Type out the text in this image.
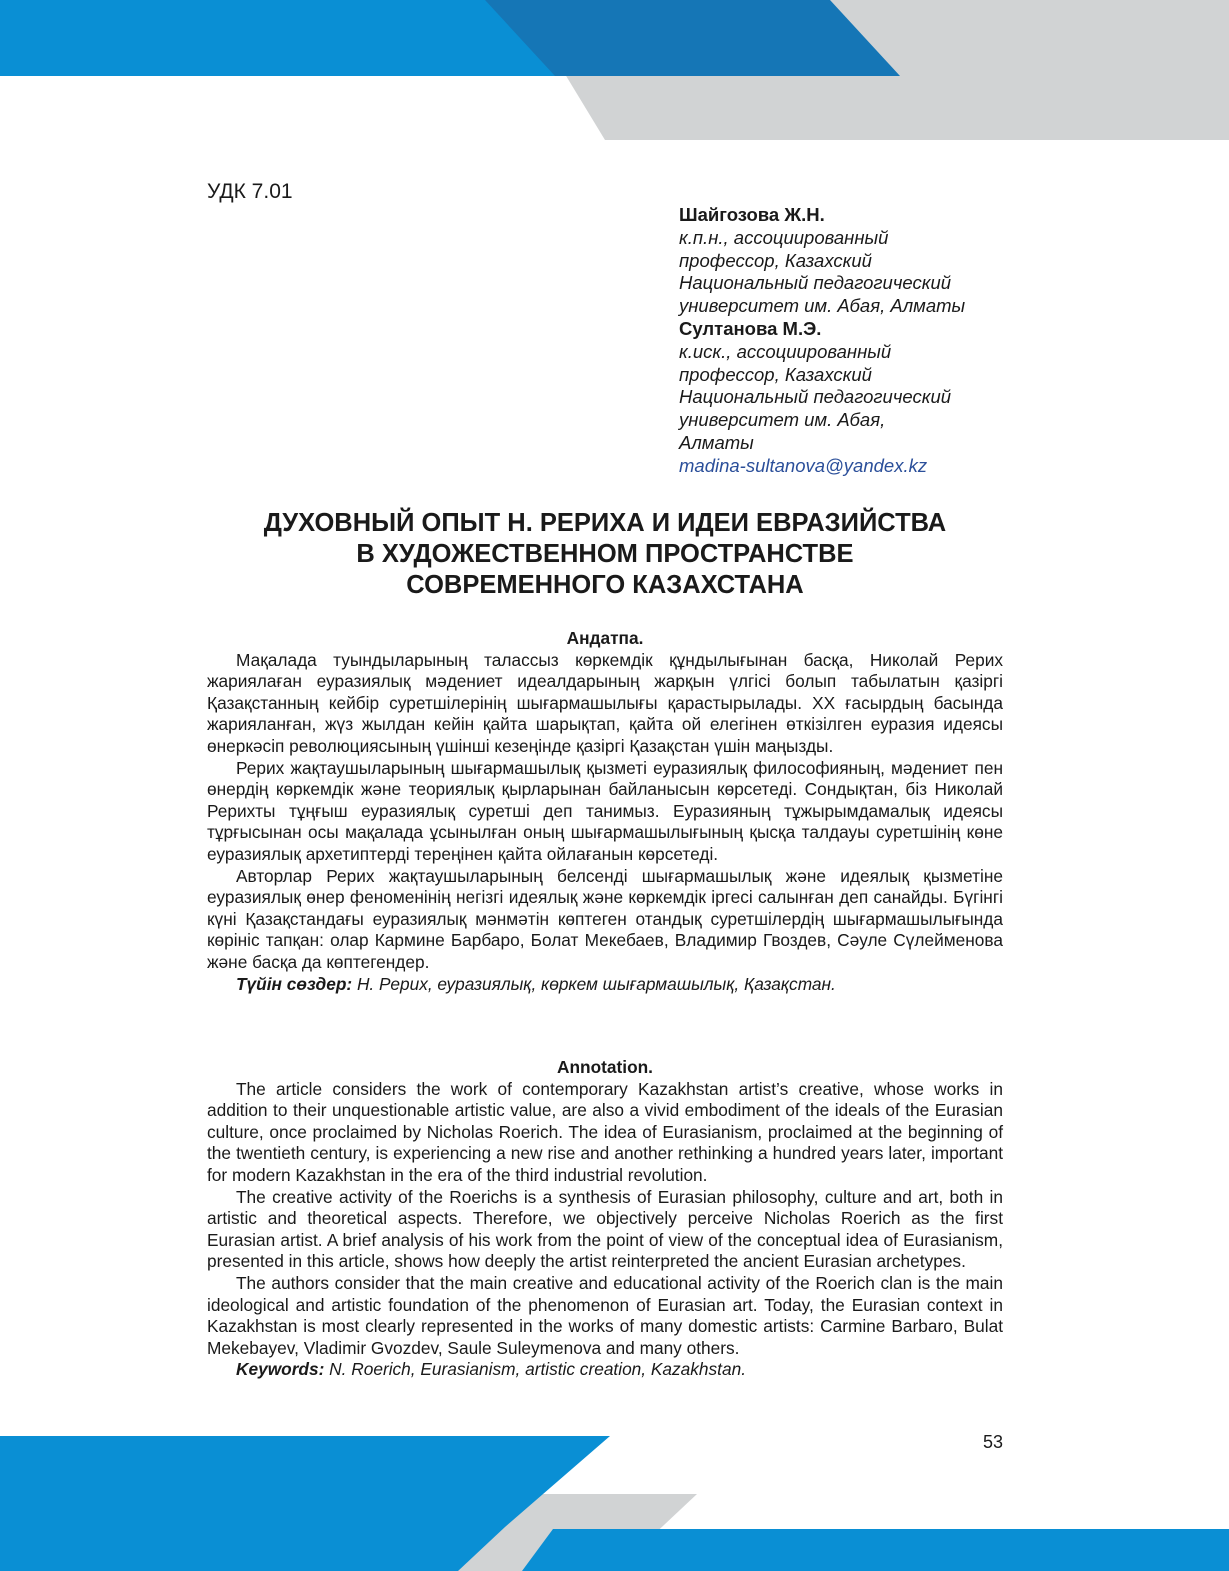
УДК 7.01
Шайгозова Ж.Н.
к.п.н., ассоциированный
профессор, Казахский
Национальный педагогический
университет им. Абая, Алматы
Султанова М.Э.
к.иск., ассоциированный
профессор, Казахский
Национальный педагогический
университет им. Абая,
Алматы
madina-sultanova@yandex.kz
ДУХОВНЫЙ ОПЫТ Н. РЕРИХА И ИДЕИ ЕВРАЗИЙСТВА
В ХУДОЖЕСТВЕННОМ ПРОСТРАНСТВЕ
СОВРЕМЕННОГО КАЗАХСТАНА

Андатпа.

Мақалада туындыларының талассыз көркемдік құндылығынан басқа, Николай Рерих жариялаған еуразиялық мәдениет идеалдарының жарқын үлгісі болып табылатын қазіргі Қазақстанның кейбір суретшілерінің шығармашылығы қарастырылады. XX ғасырдың басында жарияланған, жүз жылдан кейін қайта шарықтап, қайта ой елегінен өткізілген еуразия идеясы өнеркәсіп революциясының үшінші кезеңінде қазіргі Қазақстан үшін маңызды.

Рерих жақтаушыларының шығармашылық қызметі еуразиялық философияның, мәдениет пен өнердің көркемдік және теориялық қырларынан байланысын көрсетеді. Сондықтан, біз Николай Рерихты тұңғыш еуразиялық суретші деп танимыз. Еуразияның тұжырымдамалық идеясы тұрғысынан осы мақалада ұсынылған оның шығармашылығының қысқа талдауы суретшінің көне еуразиялық архетиптерді тереңінен қайта ойлағанын көрсетеді.

Авторлар Рерих жақтаушыларының белсенді шығармашылық және идеялық қызметіне еуразиялық өнер феноменінің негізгі идеялық және көркемдік іргесі салынған деп санайды. Бүгінгі күні Қазақстандағы еуразиялық мәнмәтін көптеген отандық суретшілердің шығармашылығында көрініс тапқан: олар Кармине Барбаро, Болат Мекебаев, Владимир Гвоздев, Сәуле Сүлейменова және басқа да көптегендер.

Түйін сөздер: Н. Рерих, еуразиялық, көркем шығармашылық, Қазақстан.

Annotation.

The article considers the work of contemporary Kazakhstan artist’s creative, whose works in addition to their unquestionable artistic value, are also a vivid embodiment of the ideals of the Eurasian culture, once proclaimed by Nicholas Roerich. The idea of Eurasianism, proclaimed at the beginning of the twentieth century, is experiencing a new rise and another rethinking a hundred years later, important for modern Kazakhstan in the era of the third industrial revolution.

The creative activity of the Roerichs is a synthesis of Eurasian philosophy, culture and art, both in artistic and theoretical aspects. Therefore, we objectively perceive Nicholas Roerich as the first Eurasian artist. A brief analysis of his work from the point of view of the conceptual idea of Eurasianism, presented in this article, shows how deeply the artist reinterpreted the ancient Eurasian archetypes.

The authors consider that the main creative and educational activity of the Roerich clan is the main ideological and artistic foundation of the phenomenon of Eurasian art. Today, the Eurasian context in Kazakhstan is most clearly represented in the works of many domestic artists: Carmine Barbaro, Bulat Mekebayev, Vladimir Gvozdev, Saule Suleymenova and many others.

Keywords: N. Roerich, Eurasianism, artistic creation, Kazakhstan.

53
